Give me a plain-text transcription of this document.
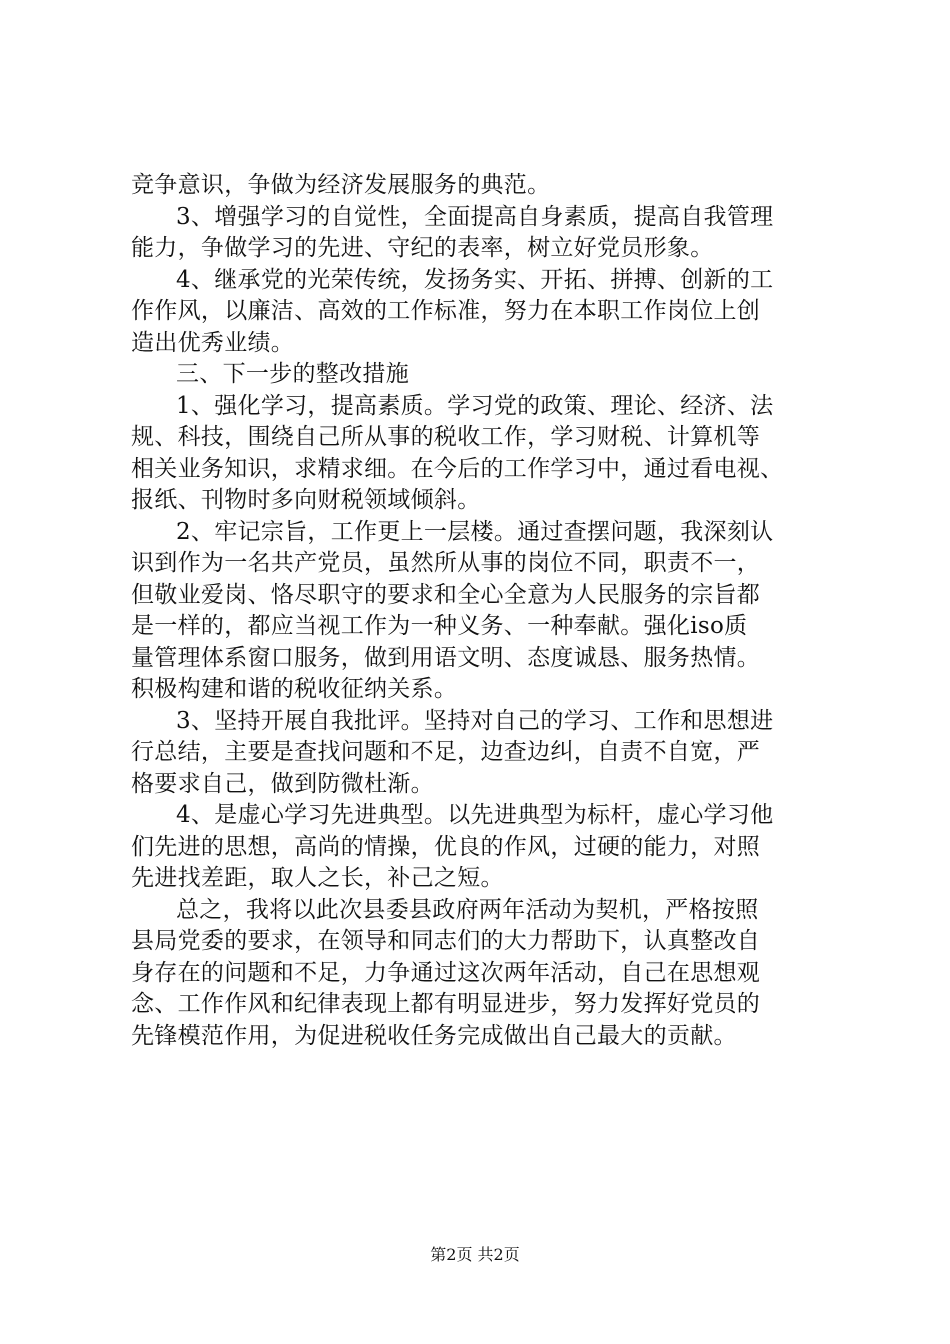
竞争意识，争做为经济发展服务的典范。
3、增强学习的自觉性，全面提高自身素质，提高自我管理
能力，争做学习的先进、守纪的表率，树立好党员形象。
4、继承党的光荣传统，发扬务实、开拓、拼搏、创新的工
作作风，以廉洁、高效的工作标准，努力在本职工作岗位上创
造出优秀业绩。
三、下一步的整改措施
1、强化学习，提高素质。学习党的政策、理论、经济、法
规、科技，围绕自己所从事的税收工作，学习财税、计算机等
相关业务知识，求精求细。在今后的工作学习中，通过看电视、
报纸、刊物时多向财税领域倾斜。
2、牢记宗旨，工作更上一层楼。通过查摆问题，我深刻认
识到作为一名共产党员，虽然所从事的岗位不同，职责不一，
但敬业爱岗、恪尽职守的要求和全心全意为人民服务的宗旨都
是一样的，都应当视工作为一种义务、一种奉献。强化iso质
量管理体系窗口服务，做到用语文明、态度诚恳、服务热情。
积极构建和谐的税收征纳关系。
3、坚持开展自我批评。坚持对自己的学习、工作和思想进
行总结，主要是查找问题和不足，边查边纠，自责不自宽，严
格要求自己，做到防微杜渐。
4、是虚心学习先进典型。以先进典型为标杆，虚心学习他
们先进的思想，高尚的情操，优良的作风，过硬的能力，对照
先进找差距，取人之长，补己之短。
总之，我将以此次县委县政府两年活动为契机，严格按照
县局党委的要求，在领导和同志们的大力帮助下，认真整改自
身存在的问题和不足，力争通过这次两年活动，自己在思想观
念、工作作风和纪律表现上都有明显进步，努力发挥好党员的
先锋模范作用，为促进税收任务完成做出自己最大的贡献。
第2页 共2页
